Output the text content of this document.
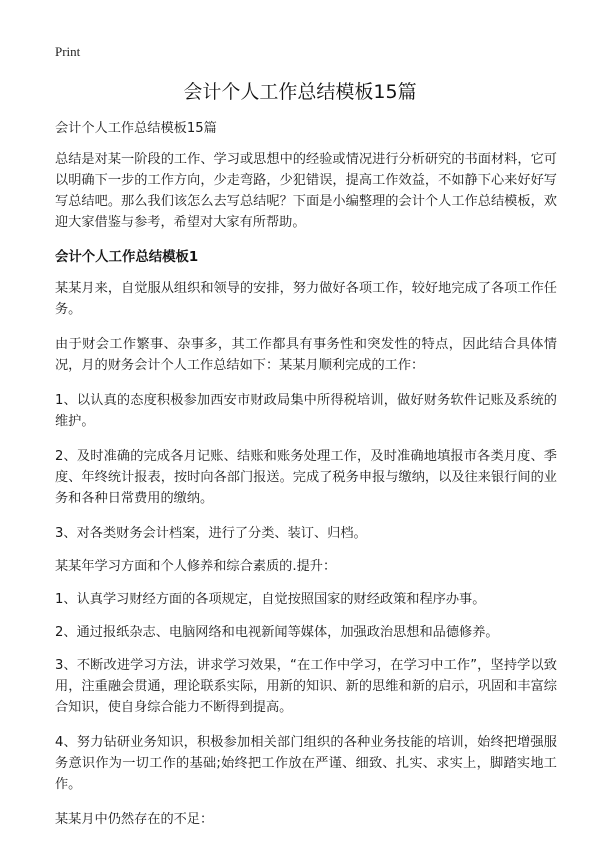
Print
会计个人工作总结模板15篇

会计个人工作总结模板15篇

总结是对某一阶段的工作、学习或思想中的经验或情况进行分析研究的书面材料，它可以明确下一步的工作方向，少走弯路，少犯错误，提高工作效益，不如静下心来好好写写总结吧。那么我们该怎么去写总结呢？下面是小编整理的会计个人工作总结模板，欢迎大家借鉴与参考，希望对大家有所帮助。

会计个人工作总结模板1

某某月来，自觉服从组织和领导的安排，努力做好各项工作，较好地完成了各项工作任务。

由于财会工作繁事、杂事多，其工作都具有事务性和突发性的特点，因此结合具体情况，月的财务会计个人工作总结如下：某某月顺利完成的工作：

1、以认真的态度积极参加西安市财政局集中所得税培训，做好财务软件记账及系统的维护。

2、及时准确的完成各月记账、结账和账务处理工作，及时准确地填报市各类月度、季度、年终统计报表，按时向各部门报送。完成了税务申报与缴纳，以及往来银行间的业务和各种日常费用的缴纳。

3、对各类财务会计档案，进行了分类、装订、归档。

某某年学习方面和个人修养和综合素质的.提升：

1、认真学习财经方面的各项规定，自觉按照国家的财经政策和程序办事。

2、通过报纸杂志、电脑网络和电视新闻等媒体，加强政治思想和品德修养。

3、不断改进学习方法，讲求学习效果，“在工作中学习，在学习中工作”，坚持学以致用，注重融会贯通，理论联系实际，用新的知识、新的思维和新的启示，巩固和丰富综合知识，使自身综合能力不断得到提高。

4、努力钻研业务知识，积极参加相关部门组织的各种业务技能的培训，始终把增强服务意识作为一切工作的基础;始终把工作放在严谨、细致、扎实、求实上，脚踏实地工作。

某某月中仍然存在的不足：
